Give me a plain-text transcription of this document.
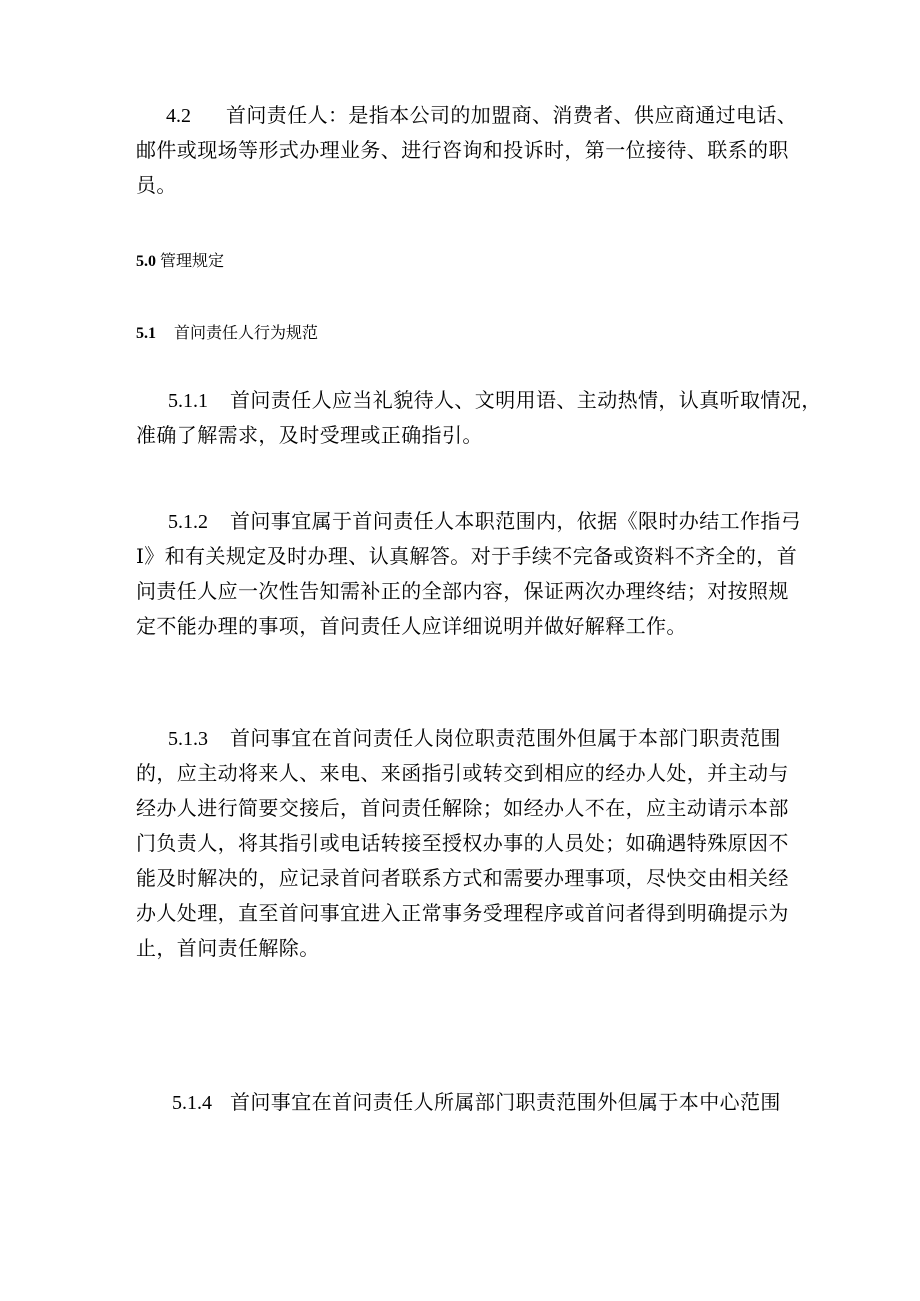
4.2 首问责任人：是指本公司的加盟商、消费者、供应商通过电话、
邮件或现场等形式办理业务、进行咨询和投诉时，第一位接待、联系的职
员。
5.0 管理规定
5.1 首问责任人行为规范
5.1.1 首问责任人应当礼貌待人、文明用语、主动热情，认真听取情况，
准确了解需求，及时受理或正确指引。
5.1.2 首问事宜属于首问责任人本职范围内，依据《限时办结工作指弓
I》和有关规定及时办理、认真解答。对于手续不完备或资料不齐全的，首
问责任人应一次性告知需补正的全部内容，保证两次办理终结；对按照规
定不能办理的事项，首问责任人应详细说明并做好解释工作。
5.1.3 首问事宜在首问责任人岗位职责范围外但属于本部门职责范围
的，应主动将来人、来电、来函指引或转交到相应的经办人处，并主动与
经办人进行简要交接后，首问责任解除；如经办人不在，应主动请示本部
门负责人，将其指引或电话转接至授权办事的人员处；如确遇特殊原因不
能及时解决的，应记录首问者联系方式和需要办理事项，尽快交由相关经
办人处理，直至首问事宜进入正常事务受理程序或首问者得到明确提示为
止，首问责任解除。
5.1.4 首问事宜在首问责任人所属部门职责范围外但属于本中心范围
